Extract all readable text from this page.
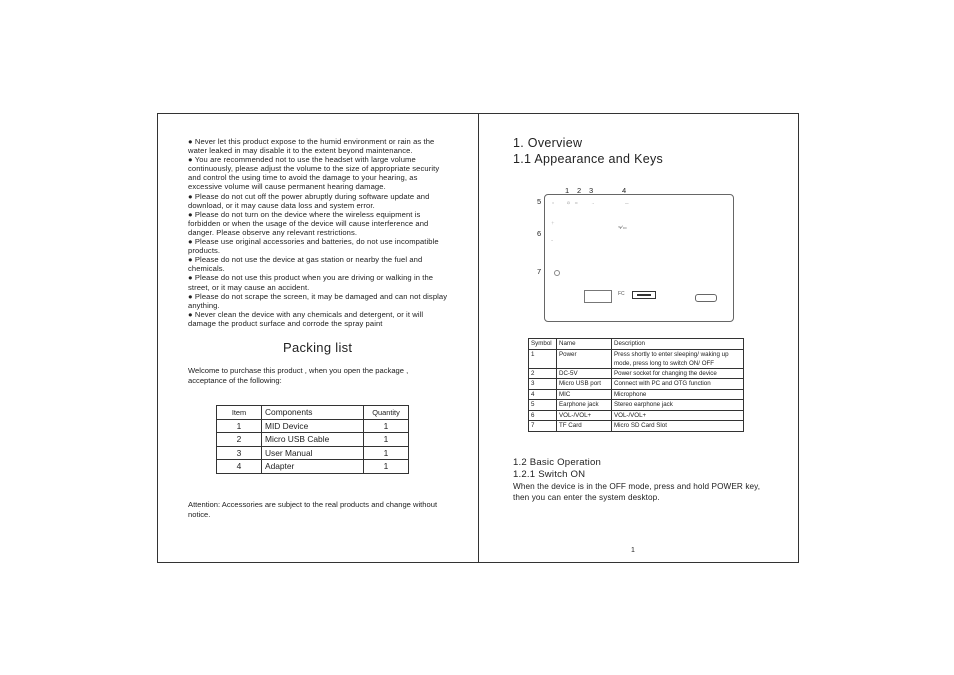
● Never let this product expose to the humid environment or rain as the water leaked in may disable it to the extent beyond maintenance.

● You are recommended not to use the headset with large volume continuously, please adjust the volume to the size of appropriate security and control the using time to avoid the damage to your hearing, as excessive volume will cause permanent hearing damage.

● Please do not cut off the power abruptly during software update and download, or it may cause data loss and system error.

● Please do not turn on the device where the wireless equipment is forbidden or when the usage of the device will cause interference and danger. Please observe any relevant restrictions.

● Please use original accessories and batteries, do not use incompatible products.

● Please do not use the device at gas station or nearby the fuel and chemicals.

● Please do not use this product when you are driving or walking in the street, or it may cause an accident.

● Please do not scrape the screen, it may be damaged and can not display anything.

● Never clean the device with any chemicals and detergent, or it will damage the product surface and corrode the spray paint

Packing list
Welcome to purchase this product , when you open the package , acceptance of the following:
Item	Components	Quantity
1	MID Device	1
2	Micro USB Cable	1
3	User Manual	1
4	Adapter	1
Attention: Accessories are subject to the real products and change without notice.
1. Overview
1.1 Appearance and Keys
1 2 3	4
5
6
7
○	⏻ ═	→	—
＋
−
~∕ ▭
FC
Symbol	Name	Description
1	Power	Press shortly to enter sleeping/ waking up mode, press long to switch ON/ OFF
2	DC-5V	Power socket for changing the device
3	Micro USB port	Connect with PC and OTG function
4	MIC	Microphone
5	Earphone jack	Stereo earphone jack
6	VOL-/VOL+	VOL-/VOL+
7	TF Card	Micro SD Card Slot
1.2 Basic Operation
1.2.1 Switch ON
When the device is in the OFF mode, press and hold POWER key, then you can enter the system desktop.
1
